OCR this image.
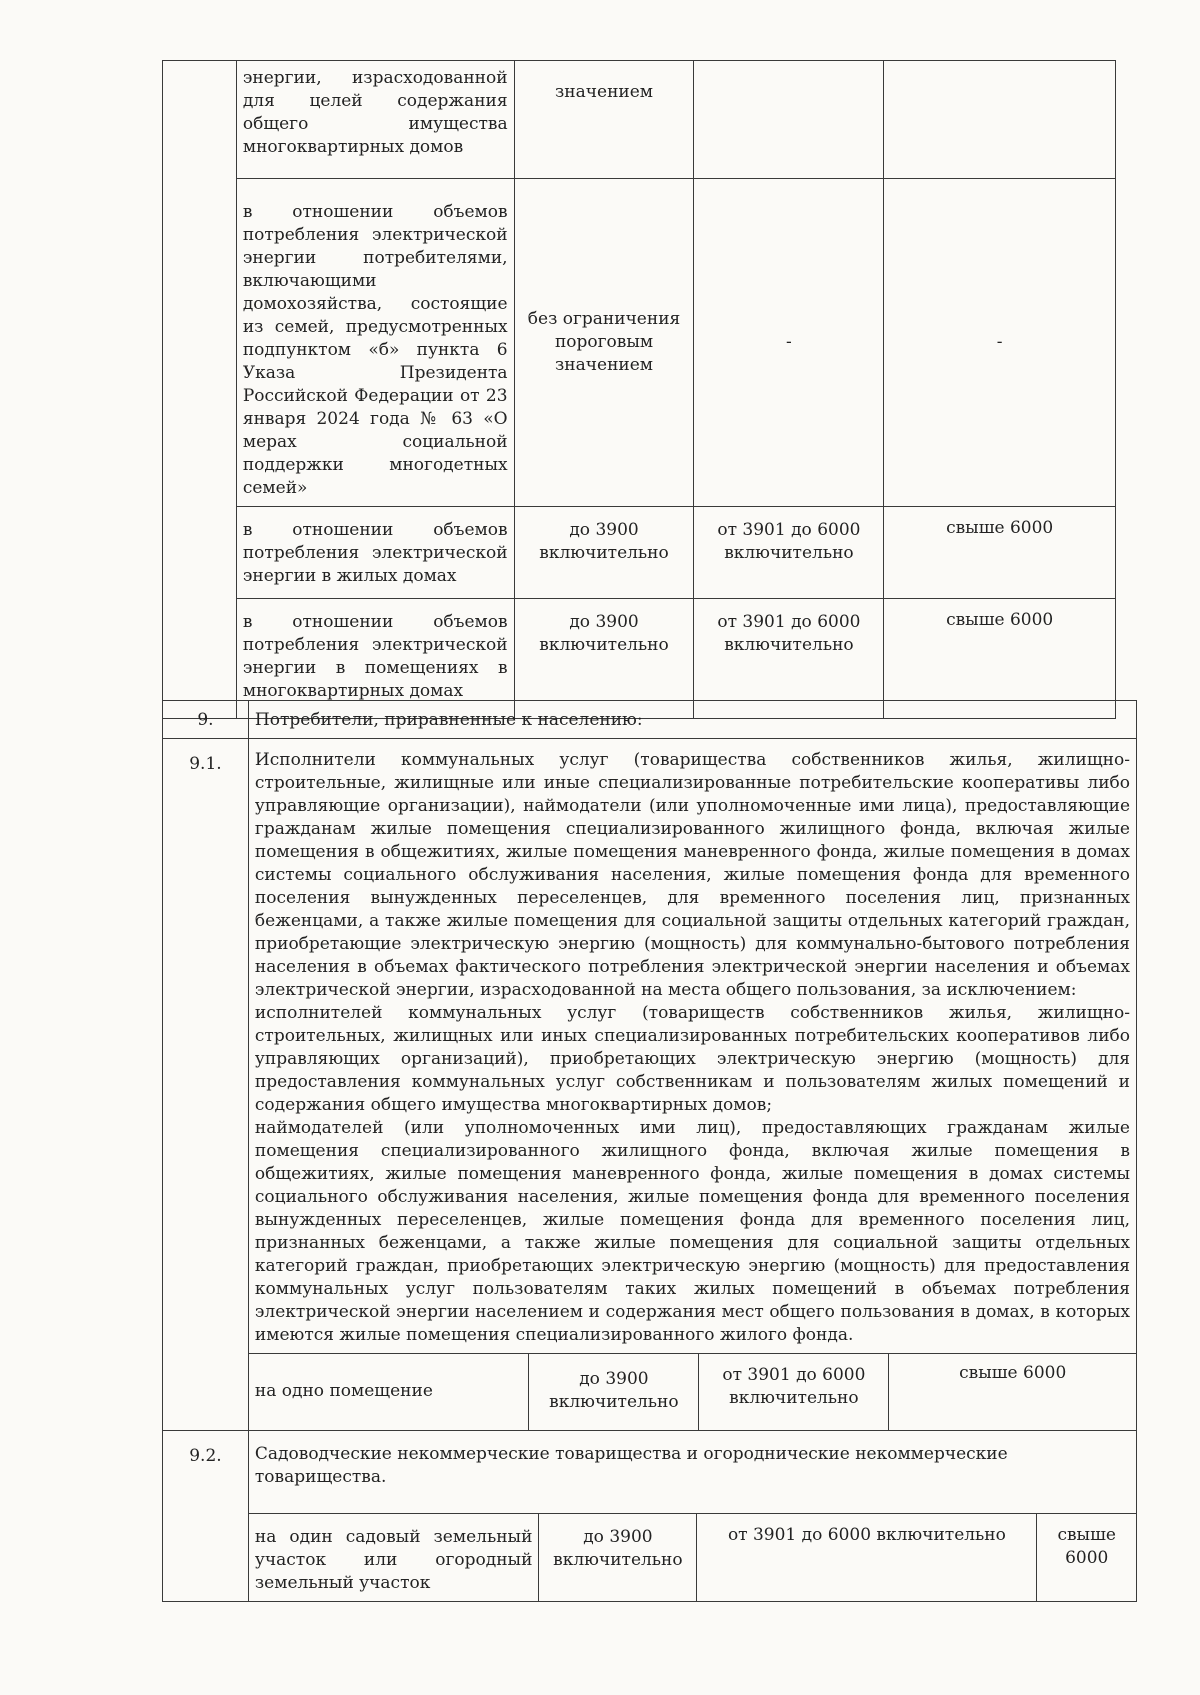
	энергии, израсходованной для целей содержания общего имущества многоквартирных домов	значением		
	в отношении объемов потребления электрической энергии потребителями, включающими домохозяйства, состоящие из семей, предусмотренных подпунктом «б» пункта 6 Указа Президента Российской Федерации от 23 января 2024 года № 63 «О мерах социальной поддержки многодетных семей»	без ограничения пороговым значением	-	-
	в отношении объемов потребления электрической энергии в жилых домах	до 3900 включительно	от 3901 до 6000 включительно	свыше 6000
	в отношении объемов потребления электрической энергии в помещениях в многоквартирных домах	до 3900 включительно	от 3901 до 6000 включительно	свыше 6000
9.	Потребители, приравненные к населению:
9.1.	Исполнители коммунальных услуг (товарищества собственников жилья, жилищно-строительные, жилищные или иные специализированные потребительские кооперативы либо управляющие организации), наймодатели (или уполномоченные ими лица), предоставляющие гражданам жилые помещения специализированного жилищного фонда, включая жилые помещения в общежитиях, жилые помещения маневренного фонда, жилые помещения в домах системы социального обслуживания населения, жилые помещения фонда для временного поселения вынужденных переселенцев, для временного поселения лиц, признанных беженцами, а также жилые помещения для социальной защиты отдельных категорий граждан, приобретающие электрическую энергию (мощность) для коммунально-бытового потребления населения в объемах фактического потребления электрической энергии населения и объемах электрической энергии, израсходованной на места общего пользования, за исключением:

исполнителей коммунальных услуг (товариществ собственников жилья, жилищно-строительных, жилищных или иных специализированных потребительских кооперативов либо управляющих организаций), приобретающих электрическую энергию (мощность) для предоставления коммунальных услуг собственникам и пользователям жилых помещений и содержания общего имущества многоквартирных домов;

наймодателей (или уполномоченных ими лиц), предоставляющих гражданам жилые помещения специализированного жилищного фонда, включая жилые помещения в общежитиях, жилые помещения маневренного фонда, жилые помещения в домах системы социального обслуживания населения, жилые помещения фонда для временного поселения вынужденных переселенцев, жилые помещения фонда для временного поселения лиц, признанных беженцами, а также жилые помещения для социальной защиты отдельных категорий граждан, приобретающих электрическую энергию (мощность) для предоставления коммунальных услуг пользователям таких жилых помещений в объемах потребления электрической энергии населением и содержания мест общего пользования в домах, в которых имеются жилые помещения специализированного жилого фонда.

на одно помещение	до 3900 включительно	от 3901 до 6000 включительно	свыше 6000

9.2.	Садоводческие некоммерческие товарищества и огороднические некоммерческие товарищества.
на один садовый земельный участок или огородный земельный участок	до 3900 включительно	от 3901 до 6000 включительно	свыше 6000
